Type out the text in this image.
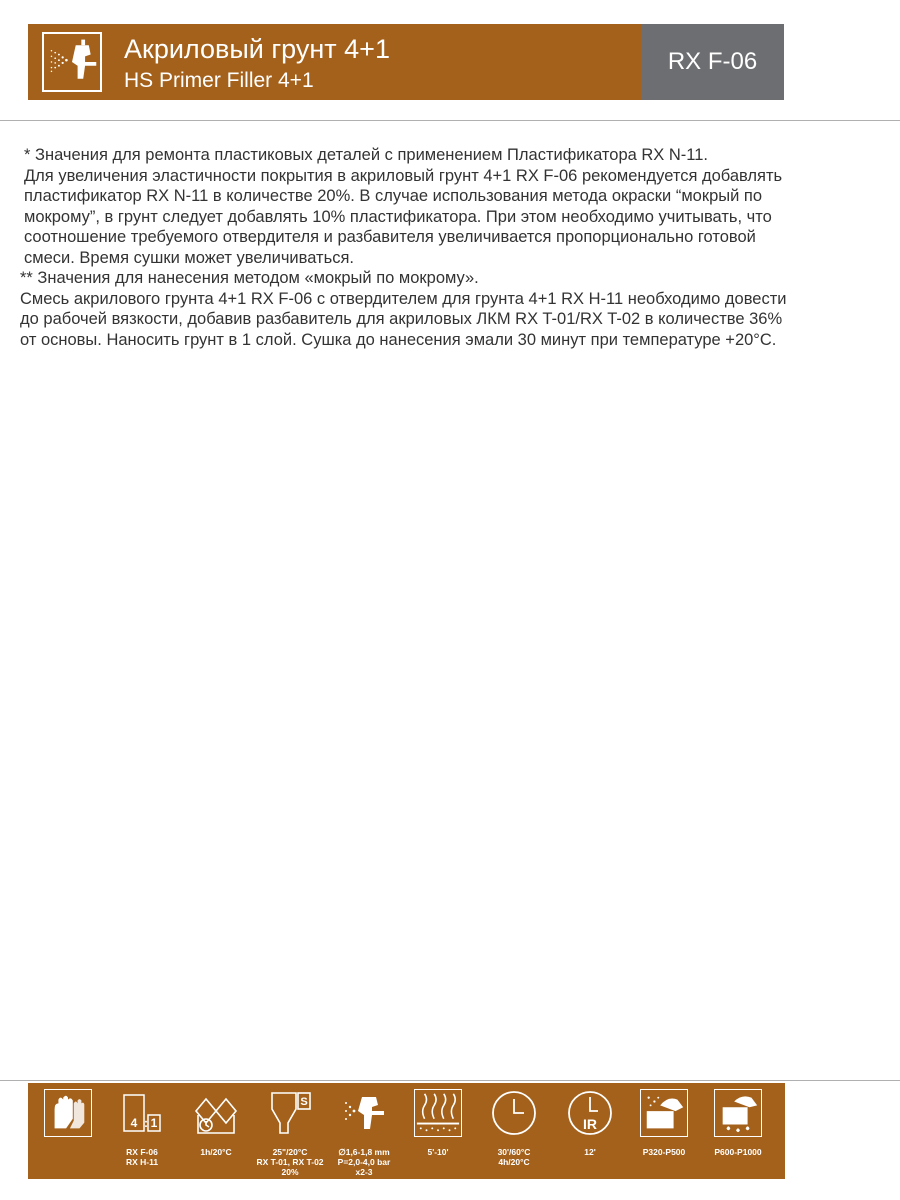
Акриловый грунт 4+1
HS Primer Filler 4+1
RX F-06

* Значения для ремонта пластиковых деталей с применением Пластификатора RX N-11.

Для увеличения эластичности покрытия в акриловый грунт 4+1 RX F-06 рекомендуется добавлять

пластификатор RX N-11 в количестве 20%. В случае использования метода окраски “мокрый по

мокрому”, в грунт следует добавлять 10% пластификатора. При этом необходимо учитывать, что

соотношение требуемого отвердителя и разбавителя увеличивается пропорционально готовой

смеси. Время сушки может увеличиваться.

** Значения для нанесения методом «мокрый по мокрому».

Смесь акрилового грунта 4+1 RX F-06 с отвердителем для грунта 4+1 RX H-11 необходимо довести

до рабочей вязкости, добавив разбавитель для акриловых ЛКМ RX T-01/RX T-02 в количестве 36%

от основы. Наносить грунт в 1 слой. Сушка до нанесения эмали 30 минут при температуре +20°C.

4 : 1
RX F-06
RX H-11
1h/20°C
S
25"/20°C
RX T-01, RX T-02
20%
∅1,6-1,8 mm
P=2,0-4,0 bar
x2-3
5'-10'	30'/60°C
4h/20°C
IR
12'	P320-P500	P600-P1000
